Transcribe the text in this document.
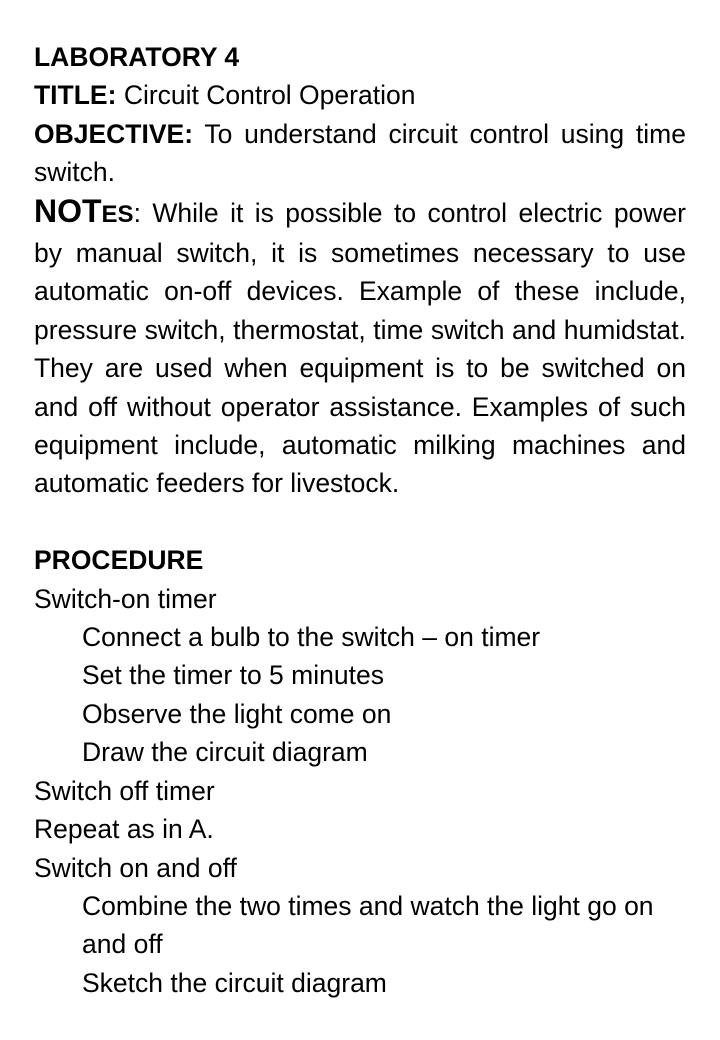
LABORATORY 4
TITLE: Circuit Control Operation
OBJECTIVE: To understand circuit control using time switch.
NOTES: While it is possible to control electric power by manual switch, it is sometimes necessary to use automatic on-off devices. Example of these include, pressure switch, thermostat, time switch and humidstat. They are used when equipment is to be switched on and off without operator assistance. Examples of such equipment include, automatic milking machines and automatic feeders for livestock.
PROCEDURE
Switch-on timer
Connect a bulb to the switch – on timer
Set the timer to 5 minutes
Observe the light come on
Draw the circuit diagram
Switch off timer
Repeat as in A.
Switch on and off
Combine the two times and watch the light go on and off
Sketch the circuit diagram
